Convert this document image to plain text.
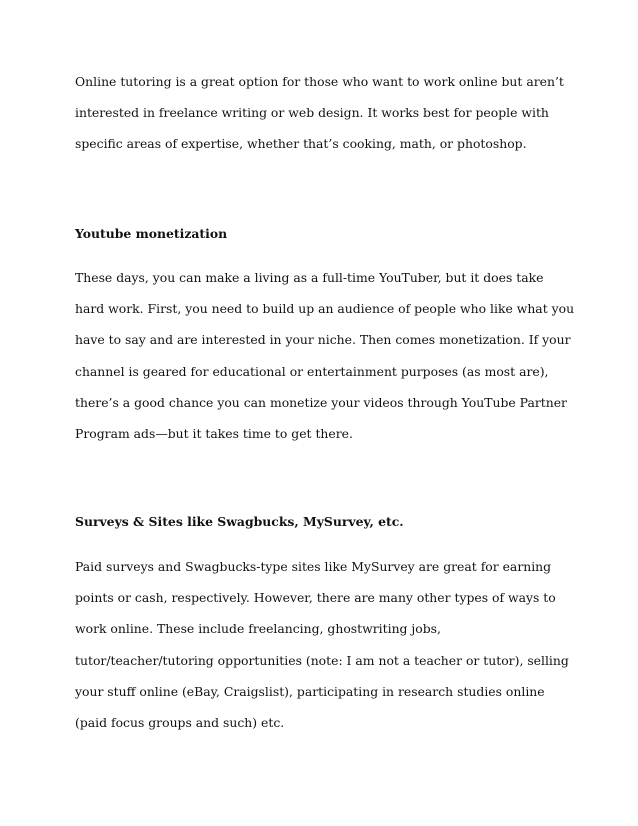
Online tutoring is a great option for those who want to work online but aren’t
interested in freelance writing or web design. It works best for people with
specific areas of expertise, whether that’s cooking, math, or photoshop.

Youtube monetization

These days, you can make a living as a full-time YouTuber, but it does take
hard work. First, you need to build up an audience of people who like what you
have to say and are interested in your niche. Then comes monetization. If your
channel is geared for educational or entertainment purposes (as most are),
there’s a good chance you can monetize your videos through YouTube Partner
Program ads—but it takes time to get there.

Surveys & Sites like Swagbucks, MySurvey, etc.

Paid surveys and Swagbucks-type sites like MySurvey are great for earning
points or cash, respectively. However, there are many other types of ways to
work online. These include freelancing, ghostwriting jobs,
tutor/teacher/tutoring opportunities (note: I am not a teacher or tutor), selling
your stuff online (eBay, Craigslist), participating in research studies online
(paid focus groups and such) etc.
